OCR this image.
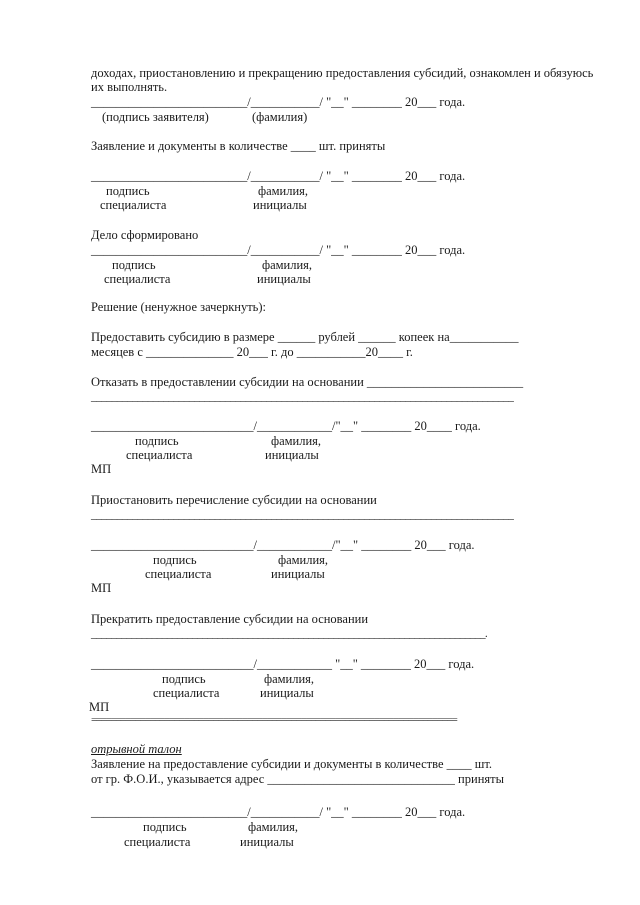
доходах, приостановлению и прекращению предоставления субсидий, ознакомлен и обязуюсь
их выполнять.
_________________________/___________/ "__" ________ 20___ года.
(подпись заявителя)	(фамилия)
Заявление и документы в количестве ____ шт. приняты
_________________________/___________/ "__" ________ 20___ года.
подпись
специалиста
фамилия,
инициалы
Дело сформировано
_________________________/___________/ "__" ________ 20___ года.
подпись
специалиста
фамилия,
инициалы
Решение (ненужное зачеркнуть):
Предоставить субсидию в размере ______ рублей ______ копеек на___________
месяцев с ______________ 20___ г. до ___________20____ г.
Отказать в предоставлении субсидии на основании _________________________
__________________________________________________________________________________
__________________________/____________/"__" ________ 20____ года.
подпись
специалиста
фамилия,
инициалы
МП
Приостановить перечисление субсидии на основании
__________________________________________________________________________________
__________________________/____________/"__" ________ 20___ года.
подпись
специалиста
фамилия,
инициалы
МП
Прекратить предоставление субсидии на основании
______________________________________________________________________________.
__________________________/____________ "__" ________ 20___ года.
подпись
специалиста
фамилия,
инициалы
МП
===========================================================================
отрывной талон
Заявление на предоставление субсидии и документы в количестве ____ шт.
от гр. Ф.О.И., указывается адрес ______________________________ приняты
_________________________/___________/ "__" ________ 20___ года.
подпись
специалиста
фамилия,
инициалы
